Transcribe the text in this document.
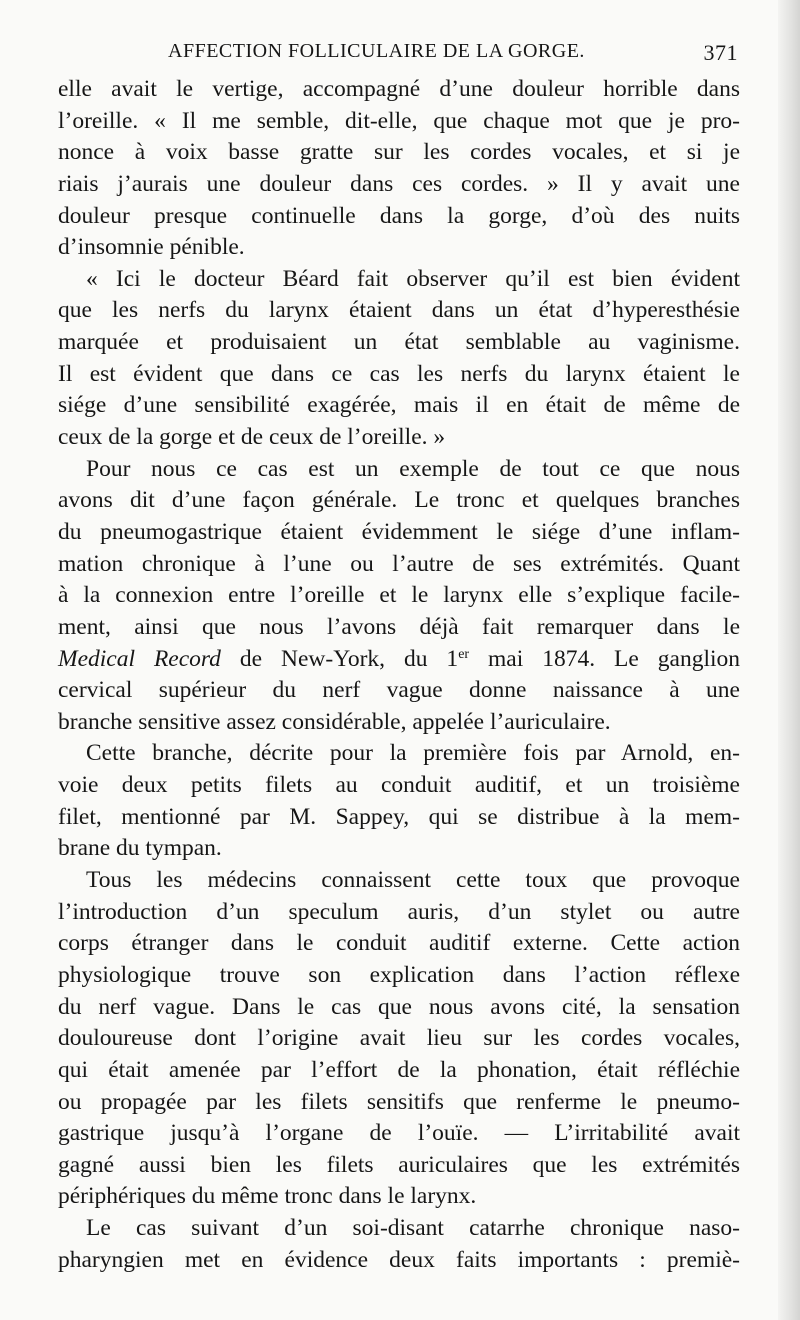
AFFECTION FOLLICULAIRE DE LA GORGE.	371
elle avait le vertige, accompagné d’une douleur horrible dans
l’oreille. « Il me semble, dit-elle, que chaque mot que je pro-
nonce à voix basse gratte sur les cordes vocales, et si je
riais j’aurais une douleur dans ces cordes. » Il y avait une
douleur presque continuelle dans la gorge, d’où des nuits
d’insomnie pénible.
« Ici le docteur Béard fait observer qu’il est bien évident
que les nerfs du larynx étaient dans un état d’hyperesthésie
marquée et produisaient un état semblable au vaginisme.
Il est évident que dans ce cas les nerfs du larynx étaient le
siége d’une sensibilité exagérée, mais il en était de même de
ceux de la gorge et de ceux de l’oreille. »
Pour nous ce cas est un exemple de tout ce que nous
avons dit d’une façon générale. Le tronc et quelques branches
du pneumogastrique étaient évidemment le siége d’une inflam-
mation chronique à l’une ou l’autre de ses extrémités. Quant
à la connexion entre l’oreille et le larynx elle s’explique facile-
ment, ainsi que nous l’avons déjà fait remarquer dans le
Medical Record de New-York, du 1er mai 1874. Le ganglion
cervical supérieur du nerf vague donne naissance à une
branche sensitive assez considérable, appelée l’auriculaire.
Cette branche, décrite pour la première fois par Arnold, en-
voie deux petits filets au conduit auditif, et un troisième
filet, mentionné par M. Sappey, qui se distribue à la mem-
brane du tympan.
Tous les médecins connaissent cette toux que provoque
l’introduction d’un speculum auris, d’un stylet ou autre
corps étranger dans le conduit auditif externe. Cette action
physiologique trouve son explication dans l’action réflexe
du nerf vague. Dans le cas que nous avons cité, la sensation
douloureuse dont l’origine avait lieu sur les cordes vocales,
qui était amenée par l’effort de la phonation, était réfléchie
ou propagée par les filets sensitifs que renferme le pneumo-
gastrique jusqu’à l’organe de l’ouïe. — L’irritabilité avait
gagné aussi bien les filets auriculaires que les extrémités
périphériques du même tronc dans le larynx.
Le cas suivant d’un soi-disant catarrhe chronique naso-
pharyngien met en évidence deux faits importants : premiè-
